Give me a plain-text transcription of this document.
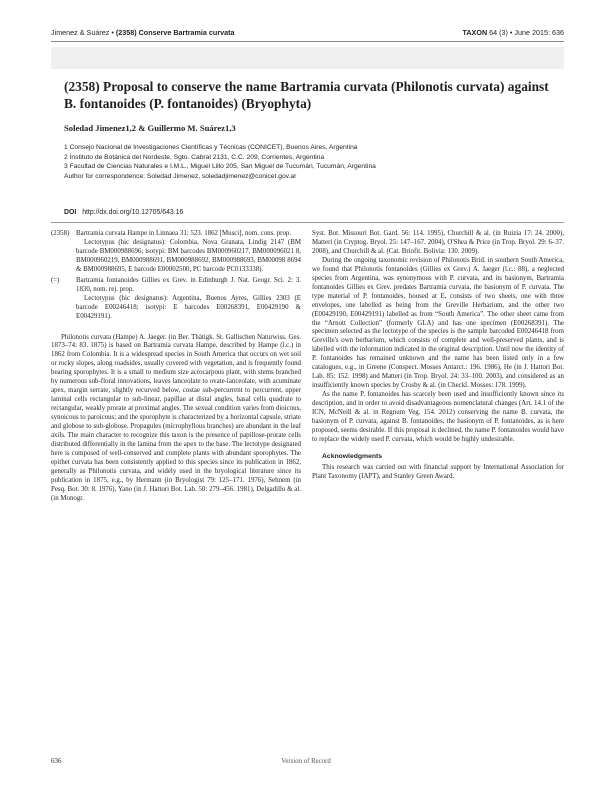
Jimenez & Suárez • (2358) Conserve Bartramia curvata	TAXON 64 (3) • June 2015: 636
(2358) Proposal to conserve the name Bartramia curvata (Philonotis curvata) against B. fontanoides (P. fontanoides) (Bryophyta)
Soledad Jimenez1,2 & Guillermo M. Suárez1,3
1 Consejo Nacional de Investigaciones Científicas y Técnicas (CONICET), Buenos Aires, Argentina
2 Instituto de Botánica del Nordeste, Sgto. Cabral 2131, C.C. 209, Corrientes, Argentina
3 Facultad de Ciencias Naturales e I.M.L., Miguel Lillo 205, San Miguel de Tucumán, Tucumán, Argentina
Author for correspondence: Soledad Jimenez, soledadjimenez@conicet.gov.ar
DOI http://dx.doi.org/10.12705/643.16
(2358) Bartramia curvata Hampe in Linnaea 31: 523. 1862 [Musci], nom. cons. prop.
Lectotypus (hic designatus): Colombia, Nova Granata, Lindig 2147 (BM barcode BM000988696; isotypi: BM barcodes BM000960217, BM000096021 8, BM000960219, BM000988691, BM000988692, BM000988693, BM00098 8694 & BM000988695, E barcode E00002500, PC barcode PC0133338).
(=)	Bartramia fontanoides Gillies ex Grev. in Edinburgh J. Nat. Geogr. Sci. 2: 3. 1830, nom. rej. prop.
Lectotypus (hic designatus): Argentina, Buenos Ayres, Gillies 2303 (E barcode E00246418; isotypi: E barcodes E00268391, E00429190 & E00429191).

Philonotis curvata (Hampe) A. Jaeger. (in Ber. Thätigk. St. Gallischen Naturwiss. Ges. 1873–74: 83. 1875) is based on Bartramia curvata Hampe, described by Hampe (l.c.) in 1862 from Colombia. It is a widespread species in South America that occurs on wet soil or rocky slopes, along roadsides, usually covered with vegetation, and is frequently found bearing sporophytes. It is a small to medium size acrocarpous plant, with stems branched by numerous sub-floral innovations, leaves lanceolate to ovate-lanceolate, with acuminate apex, margin serrate, slightly recurved below, costae sub-percurrent to percurrent, upper laminal cells rectangular to sub-linear, papillae at distal angles, basal cells quadrate to rectangular, weakly prorate at proximal angles. The sexual condition varies from dioicous, synoicous to paroicous; and the sporophyte is characterized by a horizontal capsule, striate and globose to sub-globose. Propagules (microphyllous branches) are abundant in the leaf axils. The main character to recognize this taxon is the presence of papillose-prorate cells distributed differentially in the lamina from the apex to the base. The lectotype designated here is composed of well-conserved and complete plants with abundant sporophytes. The epithet curvata has been consistently applied to this species since its publication in 1862, generally as Philonotis curvata, and widely used in the bryological literature since its publication in 1875, e.g., by Hermann (in Bryologist 79: 125–171. 1976), Sehnem (in Pesq. Bot. 30: 8. 1976), Yano (in J. Hattori Bot. Lab. 50: 279–456. 1981), Delgadillo & al. (in Monogr.

Syst. Bot. Missouri Bot. Gard. 56: 114. 1995), Churchill & al. (in Ruizia 17: 24. 2000), Matteri (in Cryptog. Bryol. 25: 147–167. 2004), O'Shea & Price (in Trop. Bryol. 29: 6–37. 2008), and Churchill & al. (Cat. Briofit. Bolivia: 130. 2009).

During the ongoing taxonomic revision of Philonotis Brid. in southern South America, we found that Philonotis fontanoides (Gillies ex Grev.) A. Jaeger (l.c.: 88), a neglected species from Argentina, was synonymous with P. curvata, and its basionym, Bartramia fontanoides Gillies ex Grev. predates Bartramia curvata, the basionym of P. curvata. The type material of P. fontanoides, housed at E, consists of two sheets, one with three envelopes, one labelled as being from the Greville Herbarium, and the other two (E00429190, E00429191) labelled as from “South America”. The other sheet came from the “Arnott Collection” (formerly GLA) and has one specimen (E00268391). The specimen selected as the lectotype of the species is the sample barcoded E00246418 from Greville's own herbarium, which consists of complete and well-preserved plants, and is labelled with the information indicated in the original description. Until now the identity of P. fontanoides has remained unknown and the name has been listed only in a few catalogues, e.g., in Greene (Conspect. Mosses Antarct.: 196. 1986), He (in J. Hattori Bot. Lab. 85: 152. 1998) and Matteri (in Trop. Bryol. 24: 33–100. 2003), and considered as an insufficiently known species by Crosby & al. (in Checkl. Mosses: 178. 1999).

As the name P. fontanoides has scarcely been used and insufficiently known since its description, and in order to avoid disadvantageous nomenclatural changes (Art. 14.1 of the ICN, McNeill & al. in Regnum Veg. 154. 2012) conserving the name B. curvata, the basionym of P. curvata, against B. fontanoides, the basionym of P. fontanoides, as is here proposed, seems desirable. If this proposal is declined, the name P. fontanoides would have to replace the widely used P. curvata, which would be highly undesirable.

Acknowledgments

This research was carried out with financial support by International Association for Plant Taxonomy (IAPT), and Stanley Green Award.

636	Version of Record
